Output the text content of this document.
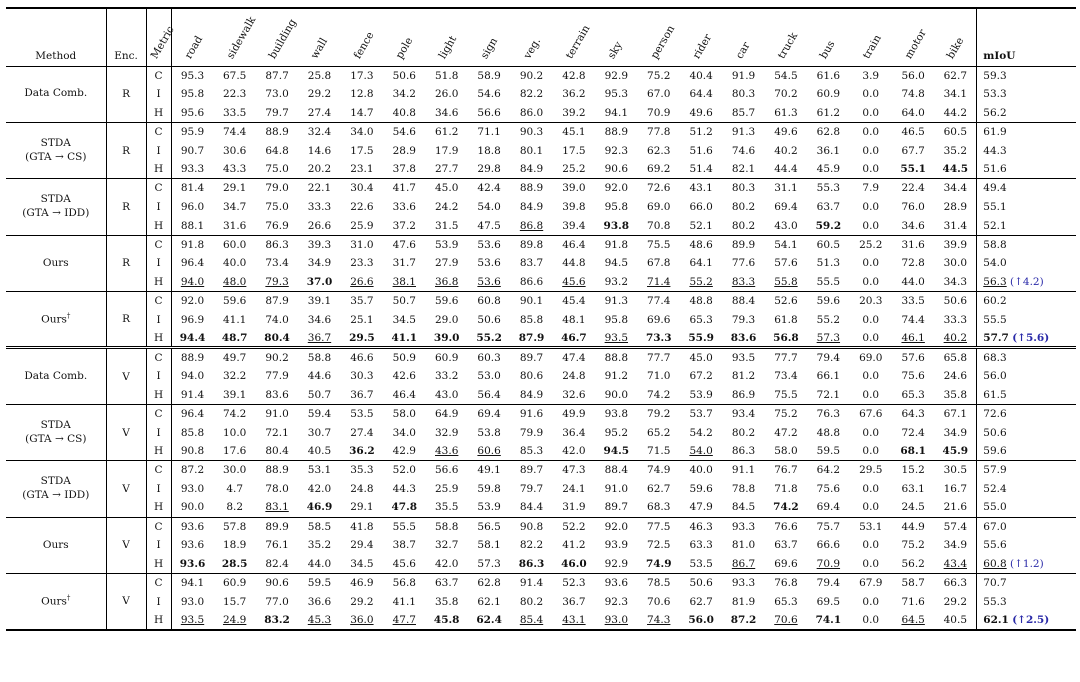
Method	Enc.	Metric	road	sidewalk	building	wall	fence	pole	light	sign	veg.	terrain	sky	person	rider	car	truck	bus	train	motor	bike	mIoU
Data Comb.	R	C	95.3	67.5	87.7	25.8	17.3	50.6	51.8	58.9	90.2	42.8	92.9	75.2	40.4	91.9	54.5	61.6	3.9	56.0	62.7	59.3
		I	95.8	22.3	73.0	29.2	12.8	34.2	26.0	54.6	82.2	36.2	95.3	67.0	64.4	80.3	70.2	60.9	0.0	74.8	34.1	53.3
		H	95.6	33.5	79.7	27.4	14.7	40.8	34.6	56.6	86.0	39.2	94.1	70.9	49.6	85.7	61.3	61.2	0.0	64.0	44.2	56.2
STDA
(GTA → CS)	R	C	95.9	74.4	88.9	32.4	34.0	54.6	61.2	71.1	90.3	45.1	88.9	77.8	51.2	91.3	49.6	62.8	0.0	46.5	60.5	61.9
		I	90.7	30.6	64.8	14.6	17.5	28.9	17.9	18.8	80.1	17.5	92.3	62.3	51.6	74.6	40.2	36.1	0.0	67.7	35.2	44.3
		H	93.3	43.3	75.0	20.2	23.1	37.8	27.7	29.8	84.9	25.2	90.6	69.2	51.4	82.1	44.4	45.9	0.0	55.1	44.5	51.6
STDA
(GTA → IDD)	R	C	81.4	29.1	79.0	22.1	30.4	41.7	45.0	42.4	88.9	39.0	92.0	72.6	43.1	80.3	31.1	55.3	7.9	22.4	34.4	49.4
		I	96.0	34.7	75.0	33.3	22.6	33.6	24.2	54.0	84.9	39.8	95.8	69.0	66.0	80.2	69.4	63.7	0.0	76.0	28.9	55.1
		H	88.1	31.6	76.9	26.6	25.9	37.2	31.5	47.5	86.8	39.4	93.8	70.8	52.1	80.2	43.0	59.2	0.0	34.6	31.4	52.1
Ours	R	C	91.8	60.0	86.3	39.3	31.0	47.6	53.9	53.6	89.8	46.4	91.8	75.5	48.6	89.9	54.1	60.5	25.2	31.6	39.9	58.8
		I	96.4	40.0	73.4	34.9	23.3	31.7	27.9	53.6	83.7	44.8	94.5	67.8	64.1	77.6	57.6	51.3	0.0	72.8	30.0	54.0
		H	94.0	48.0	79.3	37.0	26.6	38.1	36.8	53.6	86.6	45.6	93.2	71.4	55.2	83.3	55.8	55.5	0.0	44.0	34.3	56.3 (↑4.2)
Ours†	R	C	92.0	59.6	87.9	39.1	35.7	50.7	59.6	60.8	90.1	45.4	91.3	77.4	48.8	88.4	52.6	59.6	20.3	33.5	50.6	60.2
		I	96.9	41.1	74.0	34.6	25.1	34.5	29.0	50.6	85.8	48.1	95.8	69.6	65.3	79.3	61.8	55.2	0.0	74.4	33.3	55.5
		H	94.4	48.7	80.4	36.7	29.5	41.1	39.0	55.2	87.9	46.7	93.5	73.3	55.9	83.6	56.8	57.3	0.0	46.1	40.2	57.7 (↑5.6)
Data Comb.	V	C	88.9	49.7	90.2	58.8	46.6	50.9	60.9	60.3	89.7	47.4	88.8	77.7	45.0	93.5	77.7	79.4	69.0	57.6	65.8	68.3
		I	94.0	32.2	77.9	44.6	30.3	42.6	33.2	53.0	80.6	24.8	91.2	71.0	67.2	81.2	73.4	66.1	0.0	75.6	24.6	56.0
		H	91.4	39.1	83.6	50.7	36.7	46.4	43.0	56.4	84.9	32.6	90.0	74.2	53.9	86.9	75.5	72.1	0.0	65.3	35.8	61.5
STDA
(GTA → CS)	V	C	96.4	74.2	91.0	59.4	53.5	58.0	64.9	69.4	91.6	49.9	93.8	79.2	53.7	93.4	75.2	76.3	67.6	64.3	67.1	72.6
		I	85.8	10.0	72.1	30.7	27.4	34.0	32.9	53.8	79.9	36.4	95.2	65.2	54.2	80.2	47.2	48.8	0.0	72.4	34.9	50.6
		H	90.8	17.6	80.4	40.5	36.2	42.9	43.6	60.6	85.3	42.0	94.5	71.5	54.0	86.3	58.0	59.5	0.0	68.1	45.9	59.6
STDA
(GTA → IDD)	V	C	87.2	30.0	88.9	53.1	35.3	52.0	56.6	49.1	89.7	47.3	88.4	74.9	40.0	91.1	76.7	64.2	29.5	15.2	30.5	57.9
		I	93.0	4.7	78.0	42.0	24.8	44.3	25.9	59.8	79.7	24.1	91.0	62.7	59.6	78.8	71.8	75.6	0.0	63.1	16.7	52.4
		H	90.0	8.2	83.1	46.9	29.1	47.8	35.5	53.9	84.4	31.9	89.7	68.3	47.9	84.5	74.2	69.4	0.0	24.5	21.6	55.0
Ours	V	C	93.6	57.8	89.9	58.5	41.8	55.5	58.8	56.5	90.8	52.2	92.0	77.5	46.3	93.3	76.6	75.7	53.1	44.9	57.4	67.0
		I	93.6	18.9	76.1	35.2	29.4	38.7	32.7	58.1	82.2	41.2	93.9	72.5	63.3	81.0	63.7	66.6	0.0	75.2	34.9	55.6
		H	93.6	28.5	82.4	44.0	34.5	45.6	42.0	57.3	86.3	46.0	92.9	74.9	53.5	86.7	69.6	70.9	0.0	56.2	43.4	60.8 (↑1.2)
Ours†	V	C	94.1	60.9	90.6	59.5	46.9	56.8	63.7	62.8	91.4	52.3	93.6	78.5	50.6	93.3	76.8	79.4	67.9	58.7	66.3	70.7
		I	93.0	15.7	77.0	36.6	29.2	41.1	35.8	62.1	80.2	36.7	92.3	70.6	62.7	81.9	65.3	69.5	0.0	71.6	29.2	55.3
		H	93.5	24.9	83.2	45.3	36.0	47.7	45.8	62.4	85.4	43.1	93.0	74.3	56.0	87.2	70.6	74.1	0.0	64.5	40.5	62.1 (↑2.5)
